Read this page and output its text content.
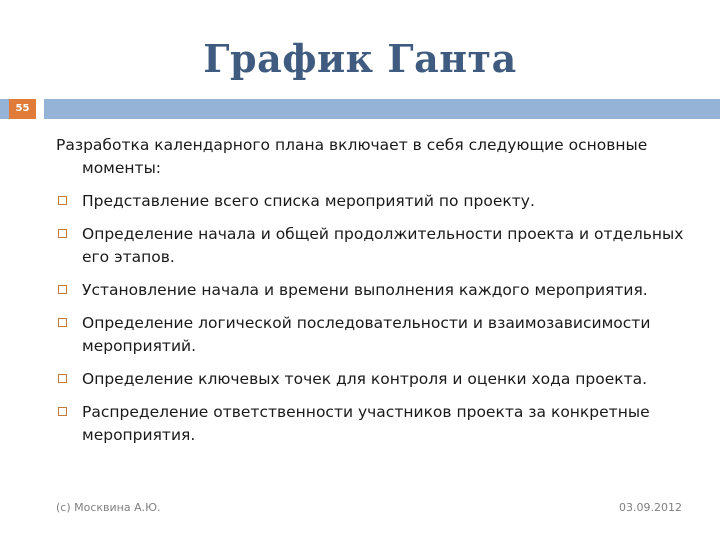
График Ганта
55

Разработка календарного плана включает в себя следующие основные моменты:

Представление всего списка мероприятий по проекту.
Определение начала и общей продолжительности проекта и отдельных его этапов.
Установление начала и времени выполнения каждого мероприятия.
Определение логической последовательности и взаимозависимости мероприятий.
Определение ключевых точек для контроля и оценки хода проекта.
Распределение ответственности участников проекта за конкретные мероприятия.
(c) Москвина А.Ю.	03.09.2012
